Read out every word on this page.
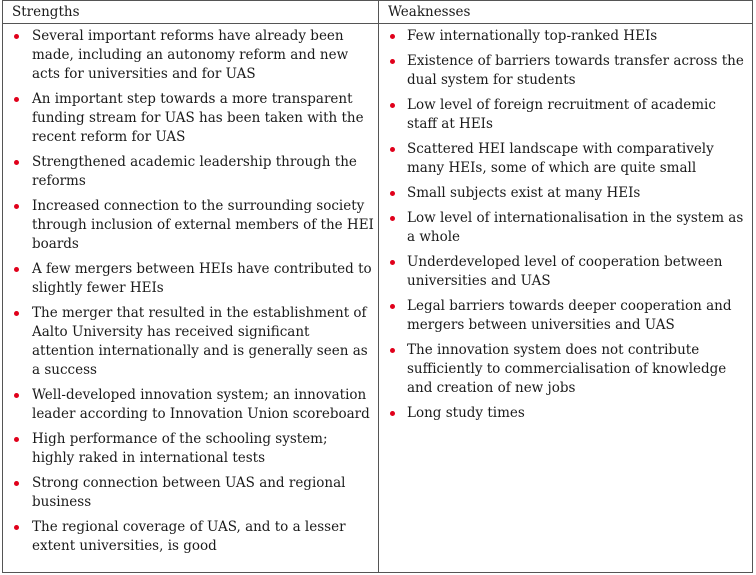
Strengths	Weaknesses
Several important reforms have already been made, including an autonomy reform and new acts for universities and for UAS
An important step towards a more transparent funding stream for UAS has been taken with the recent reform for UAS
Strengthened academic leadership through the reforms
Increased connection to the surrounding society through inclusion of external members of the HEI boards
A few mergers between HEIs have contributed to slightly fewer HEIs
The merger that resulted in the establishment of Aalto University has received significant attention internationally and is generally seen as a success
Well-developed innovation system; an innovation leader according to Innovation Union scoreboard
High performance of the schooling system; highly raked in international tests
Strong connection between UAS and regional business
The regional coverage of UAS, and to a lesser extent universities, is good
Few internationally top-ranked HEIs
Existence of barriers towards transfer across the dual system for students
Low level of foreign recruitment of academic staff at HEIs
Scattered HEI landscape with comparatively many HEIs, some of which are quite small
Small subjects exist at many HEIs
Low level of internationalisation in the system as a whole
Underdeveloped level of cooperation between universities and UAS
Legal barriers towards deeper cooperation and mergers between universities and UAS
The innovation system does not contribute sufficiently to commercialisation of knowledge and creation of new jobs
Long study times
